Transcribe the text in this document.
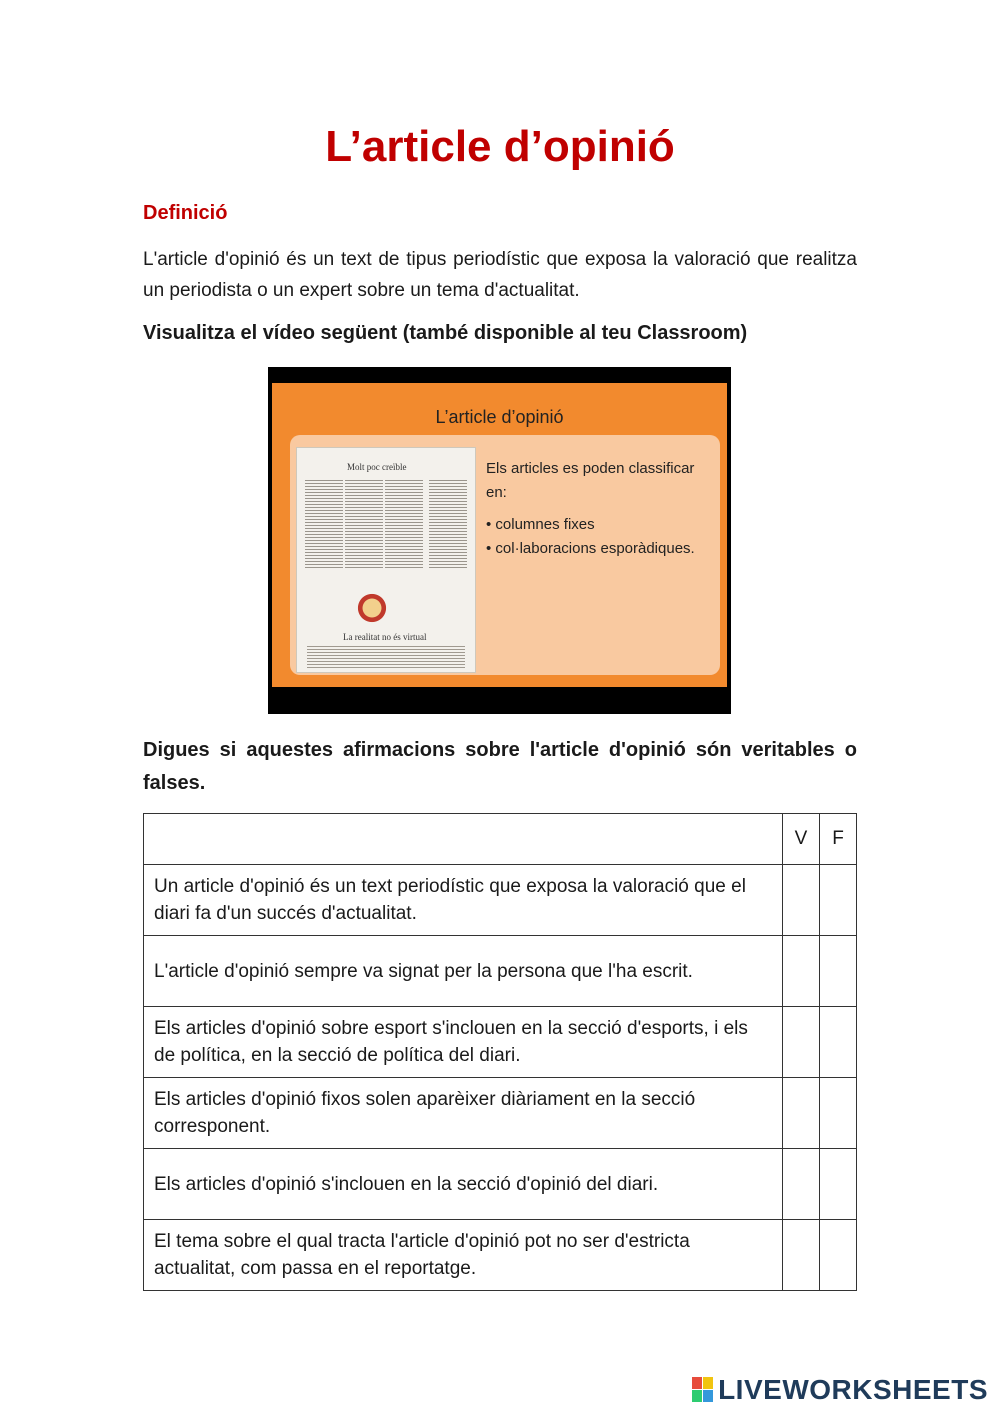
L’article d’opinió
Definició

L'article d'opinió és un text de tipus periodístic que exposa la valoració que realitza un periodista o un expert sobre un tema d'actualitat.

Visualitza el vídeo següent (també disponible al teu Classroom)

L’article d’opinió
Molt poc creïble
La realitat no és virtual

Els articles es poden classificar en:

• columnes fixes
• col·laboracions esporàdiques.

Digues si aquestes afirmacions sobre l'article d'opinió són veritables o falses.

	V	F
Un article d'opinió és un text periodístic que exposa la valoració que el diari fa d'un succés d'actualitat.		
L'article d'opinió sempre va signat per la persona que l'ha escrit.		
Els articles d'opinió sobre esport s'inclouen en la secció d'esports, i els de política, en la secció de política del diari.		
Els articles d'opinió fixos solen aparèixer diàriament en la secció corresponent.		
Els articles d'opinió s'inclouen en la secció d'opinió del diari.		
El tema sobre el qual tracta l'article d'opinió pot no ser d'estricta actualitat, com passa en el reportatge.		
LIVEWORKSHEETS
